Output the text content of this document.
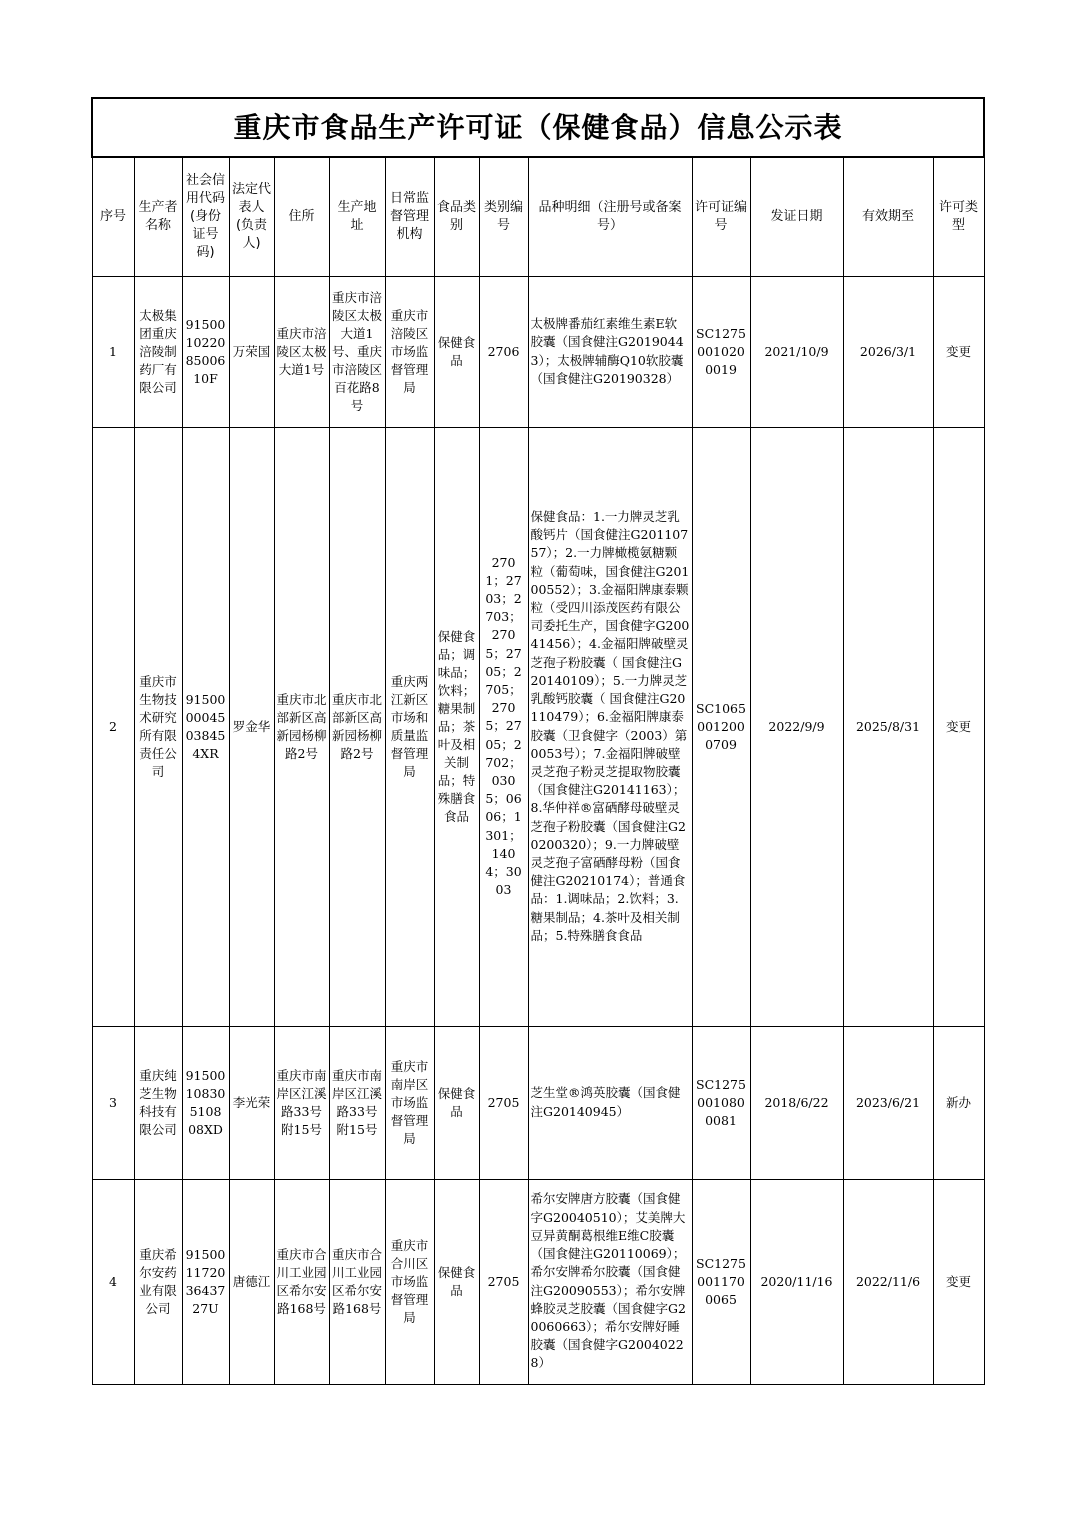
重庆市食品生产许可证（保健食品）信息公示表													
序号	生产者名称	社会信用代码(身份证号码)	法定代表人(负责人)	住所	生产地址	日常监督管理机构	食品类别	类别编号	品种明细（注册号或备案号）	许可证编号	发证日期	有效期至	许可类型
1	太极集团重庆涪陵制药厂有限公司	91500102208500610F	万荣国	重庆市涪陵区太极大道1号	重庆市涪陵区太极大道1号、重庆市涪陵区百花路8号	重庆市涪陵区市场监督管理局	保健食品	2706	太极牌番茄红素维生素E软胶囊（国食健注G20190443）；太极牌辅酶Q10软胶囊（国食健注G20190328）	SC12750010200019	2021/10/9	2026/3/1	变更
2	重庆市生物技术研究所有限责任公司	915000004503845 4XR	罗金华	重庆市北部新区高新园杨柳路2号	重庆市北部新区高新园杨柳路2号	重庆两江新区市场和质量监督管理局	保健食品；调味品；饮料；糖果制品；茶叶及相关制品；特殊膳食食品	2701；2703；2703；2705；2705；2705；2705；2705；2702；0305；0606；1301；1404；3003	保健食品：1.一力牌灵芝乳酸钙片（国食健注G20110757）；2.一力牌橄榄氨糖颗粒（葡萄味，国食健注G20100552）；3.金福阳牌康泰颗粒（受四川添茂医药有限公司委托生产，国食健字G20041456）；4.金福阳牌破壁灵芝孢子粉胶囊（ 国食健注G20140109）；5.一力牌灵芝乳酸钙胶囊（ 国食健注G20110479）；6.金福阳牌康泰胶囊（卫食健字（2003）第0053号）；7.金福阳牌破壁灵芝孢子粉灵芝提取物胶囊（国食健注G20141163）；8.华仲祥®富硒酵母破壁灵芝孢子粉胶囊（国食健注G20200320）；9.一力牌破壁灵芝孢子富硒酵母粉（国食健注G20210174）；普通食品：1.调味品；2.饮料；3.糖果制品；4.茶叶及相关制品；5.特殊膳食食品	SC10650012000709	2022/9/9	2025/8/31	变更
3	重庆纯芝生物科技有限公司	91500108305108 08XD	李光荣	重庆市南岸区江溪路33号附15号	重庆市南岸区江溪路33号附15号	重庆市南岸区市场监督管理局	保健食品	2705	芝生堂®鸿英胶囊（国食健注G20140945）	SC12750010800081	2018/6/22	2023/6/21	新办
4	重庆希尔安药业有限公司	91500117203643727U	唐德江	重庆市合川工业园区希尔安路168号	重庆市合川工业园区希尔安路168号	重庆市合川区市场监督管理局	保健食品	2705	希尔安牌唐方胶囊（国食健字G20040510）；艾美牌大豆异黄酮葛根维E维C胶囊（国食健注G20110069）；希尔安牌希尔胶囊（国食健注G20090553）；希尔安牌蜂胶灵芝胶囊（国食健字G20060663）；希尔安牌好睡胶囊（国食健字G20040228）	SC12750011700065	2020/11/16	2022/11/6	变更
